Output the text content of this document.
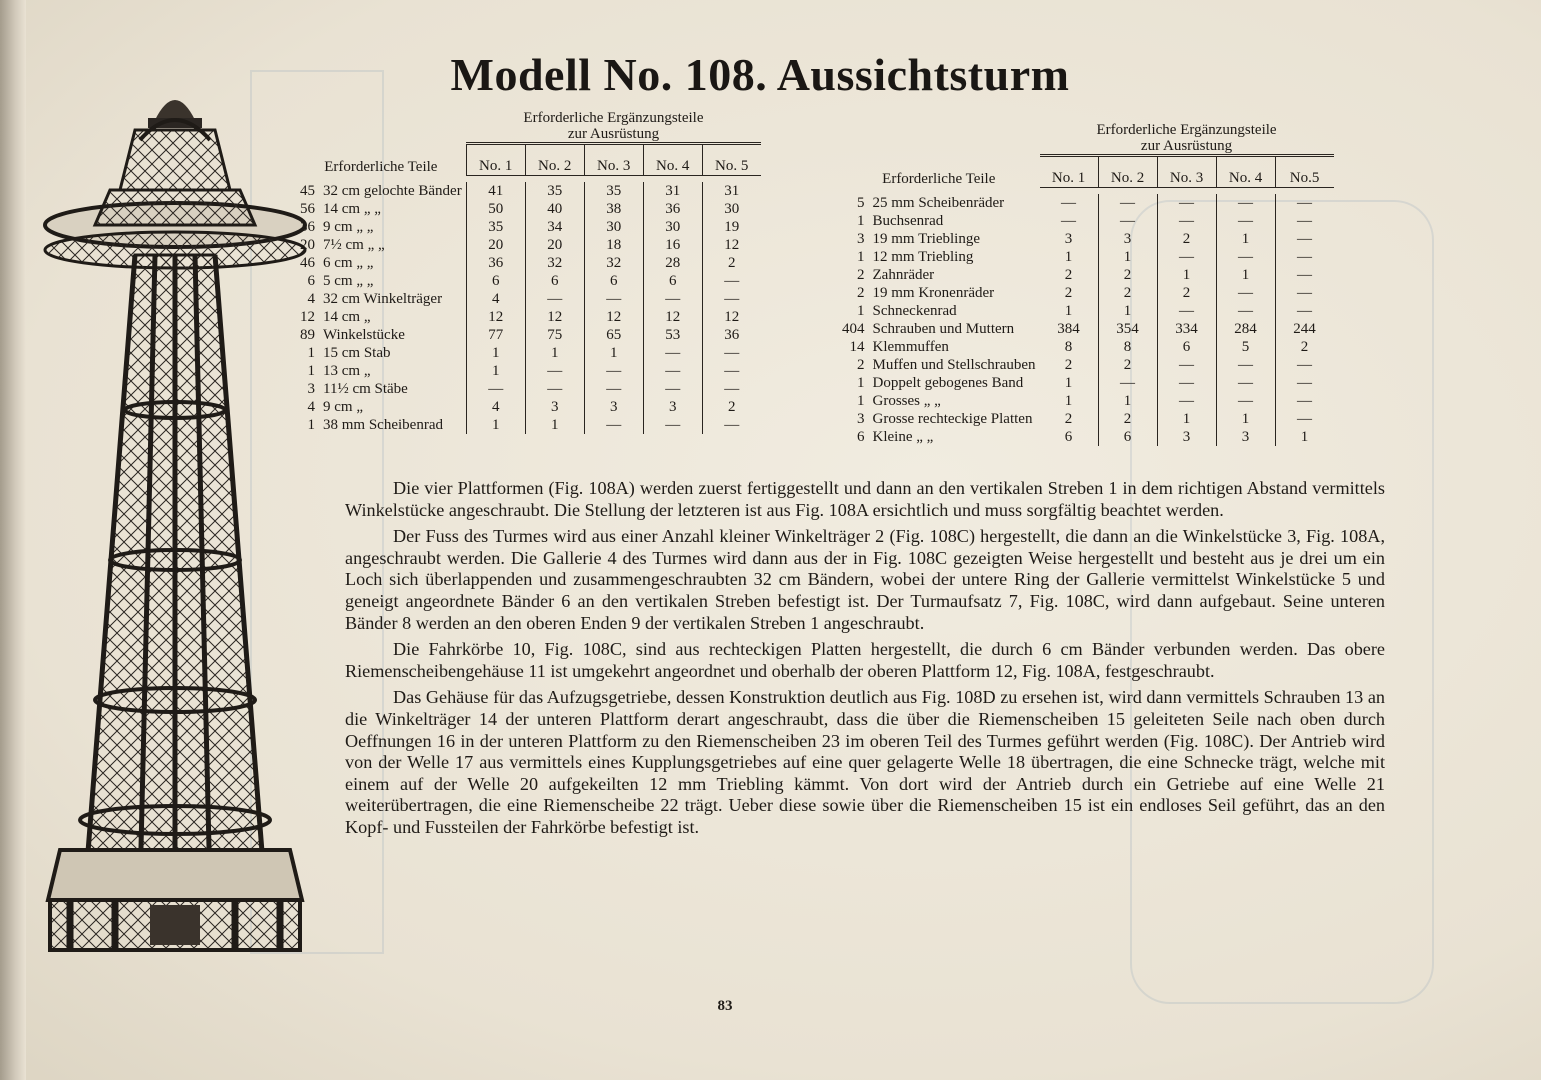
Modell No. 108. Aussichtsturm
		Erforderliche Ergänzungsteile
zur Ausrüstung				
Erforderliche Teile		No. 1	No. 2	No. 3	No. 4	No. 5

45	32 cm gelochte Bänder	41	35	35	31	31
56	14 cm „ „	50	40	38	36	30
36	9 cm „ „	35	34	30	30	19
20	7½ cm „ „	20	20	18	16	12
46	6 cm „ „	36	32	32	28	2
6	5 cm „ „	6	6	6	6	—
4	32 cm Winkelträger	4	—	—	—	—
12	14 cm „	12	12	12	12	12
89	Winkelstücke	77	75	65	53	36
1	15 cm Stab	1	1	1	—	—
1	13 cm „	1	—	—	—	—
3	11½ cm Stäbe	—	—	—	—	—
4	9 cm „	4	3	3	3	2
1	38 mm Scheibenrad	1	1	—	—	—
		Erforderliche Ergänzungsteile
zur Ausrüstung				
Erforderliche Teile		No. 1	No. 2	No. 3	No. 4	No.5

5	25 mm Scheibenräder	—	—	—	—	—
1	Buchsenrad	—	—	—	—	—
3	19 mm Trieblinge	3	3	2	1	—
1	12 mm Triebling	1	1	—	—	—
2	Zahnräder	2	2	1	1	—
2	19 mm Kronenräder	2	2	2	—	—
1	Schneckenrad	1	1	—	—	—
404	Schrauben und Muttern	384	354	334	284	244
14	Klemmuffen	8	8	6	5	2
2	Muffen und Stellschrauben	2	2	—	—	—
1	Doppelt gebogenes Band	1	—	—	—	—
1	Grosses „ „	1	1	—	—	—
3	Grosse rechteckige Platten	2	2	1	1	—
6	Kleine „ „	6	6	3	3	1

Die vier Plattformen (Fig. 108A) werden zuerst fertiggestellt und dann an den vertikalen Streben 1 in dem richtigen Abstand vermittels Winkelstücke angeschraubt. Die Stellung der letzteren ist aus Fig. 108A ersichtlich und muss sorgfältig beachtet werden.

Der Fuss des Turmes wird aus einer Anzahl kleiner Winkelträger 2 (Fig. 108C) hergestellt, die dann an die Winkelstücke 3, Fig. 108A, angeschraubt werden. Die Gallerie 4 des Turmes wird dann aus der in Fig. 108C gezeigten Weise hergestellt und besteht aus je drei um ein Loch sich überlappenden und zusammengeschraubten 32 cm Bändern, wobei der untere Ring der Gallerie vermittelst Winkelstücke 5 und geneigt angeordnete Bänder 6 an den vertikalen Streben befestigt ist. Der Turmaufsatz 7, Fig. 108C, wird dann aufgebaut. Seine unteren Bänder 8 werden an den oberen Enden 9 der vertikalen Streben 1 angeschraubt.

Die Fahrkörbe 10, Fig. 108C, sind aus rechteckigen Platten hergestellt, die durch 6 cm Bänder verbunden werden. Das obere Riemenscheibengehäuse 11 ist umgekehrt angeordnet und oberhalb der oberen Plattform 12, Fig. 108A, festgeschraubt.

Das Gehäuse für das Aufzugsgetriebe, dessen Konstruktion deutlich aus Fig. 108D zu ersehen ist, wird dann vermittels Schrauben 13 an die Winkelträger 14 der unteren Plattform derart angeschraubt, dass die über die Riemenscheiben 15 geleiteten Seile nach oben durch Oeffnungen 16 in der unteren Plattform zu den Riemenscheiben 23 im oberen Teil des Turmes geführt werden (Fig. 108C). Der Antrieb wird von der Welle 17 aus vermittels eines Kupplungsgetriebes auf eine quer gelagerte Welle 18 übertragen, die eine Schnecke trägt, welche mit einem auf der Welle 20 aufgekeilten 12 mm Triebling kämmt. Von dort wird der Antrieb durch ein Getriebe auf eine Welle 21 weiterübertragen, die eine Riemenscheibe 22 trägt. Ueber diese sowie über die Riemenscheiben 15 ist ein endloses Seil geführt, das an den Kopf- und Fussteilen der Fahrkörbe befestigt ist.

83
